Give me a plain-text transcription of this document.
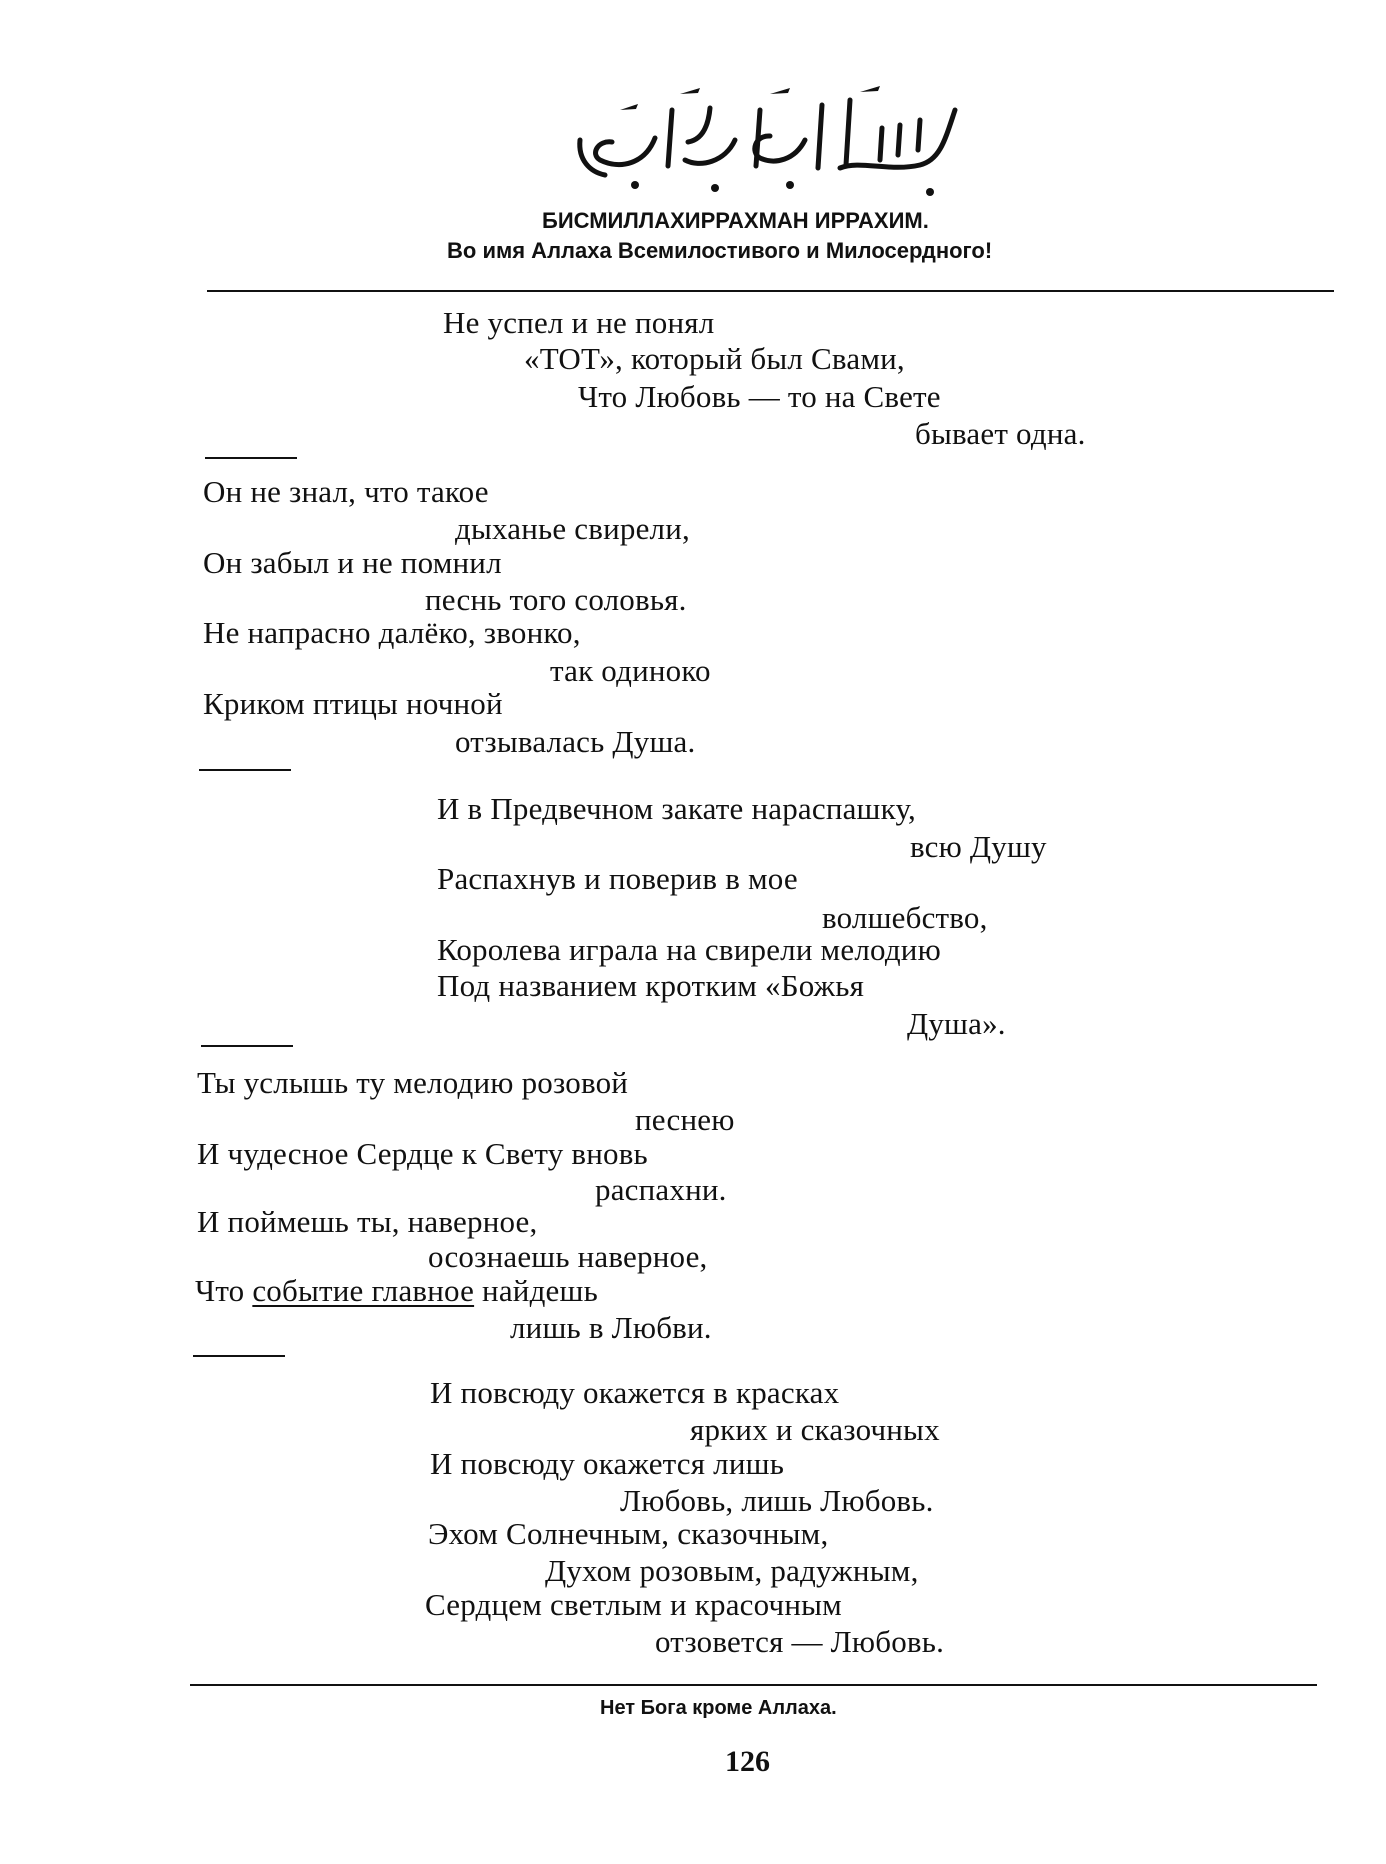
БИСМИЛЛАХИРРАХМАН ИРРАХИМ.
Во имя Аллаха Всемилостивого и Милосердного!
Не успел и не понял
«ТОТ», который был Свами,
Что Любовь — то на Свете
бывает одна.
Он не знал, что такое
дыханье свирели,
Он забыл и не помнил
песнь того соловья.
Не напрасно далёко, звонко,
так одиноко
Криком птицы ночной
отзывалась Душа.
И в Предвечном закате нараспашку,
всю Душу
Распахнув и поверив в мое
волшебство,
Королева играла на свирели мелодию
Под названием кротким «Божья
Душа».
Ты услышь ту мелодию розовой
песнею
И чудесное Сердце к Свету вновь
распахни.
И поймешь ты, наверное,
осознаешь наверное,
Что событие главное найдешь
лишь в Любви.
И повсюду окажется в красках
ярких и сказочных
И повсюду окажется лишь
Любовь, лишь Любовь.
Эхом Солнечным, сказочным,
Духом розовым, радужным,
Сердцем светлым и красочным
отзовется — Любовь.
Нет Бога кроме Аллаха.
126
